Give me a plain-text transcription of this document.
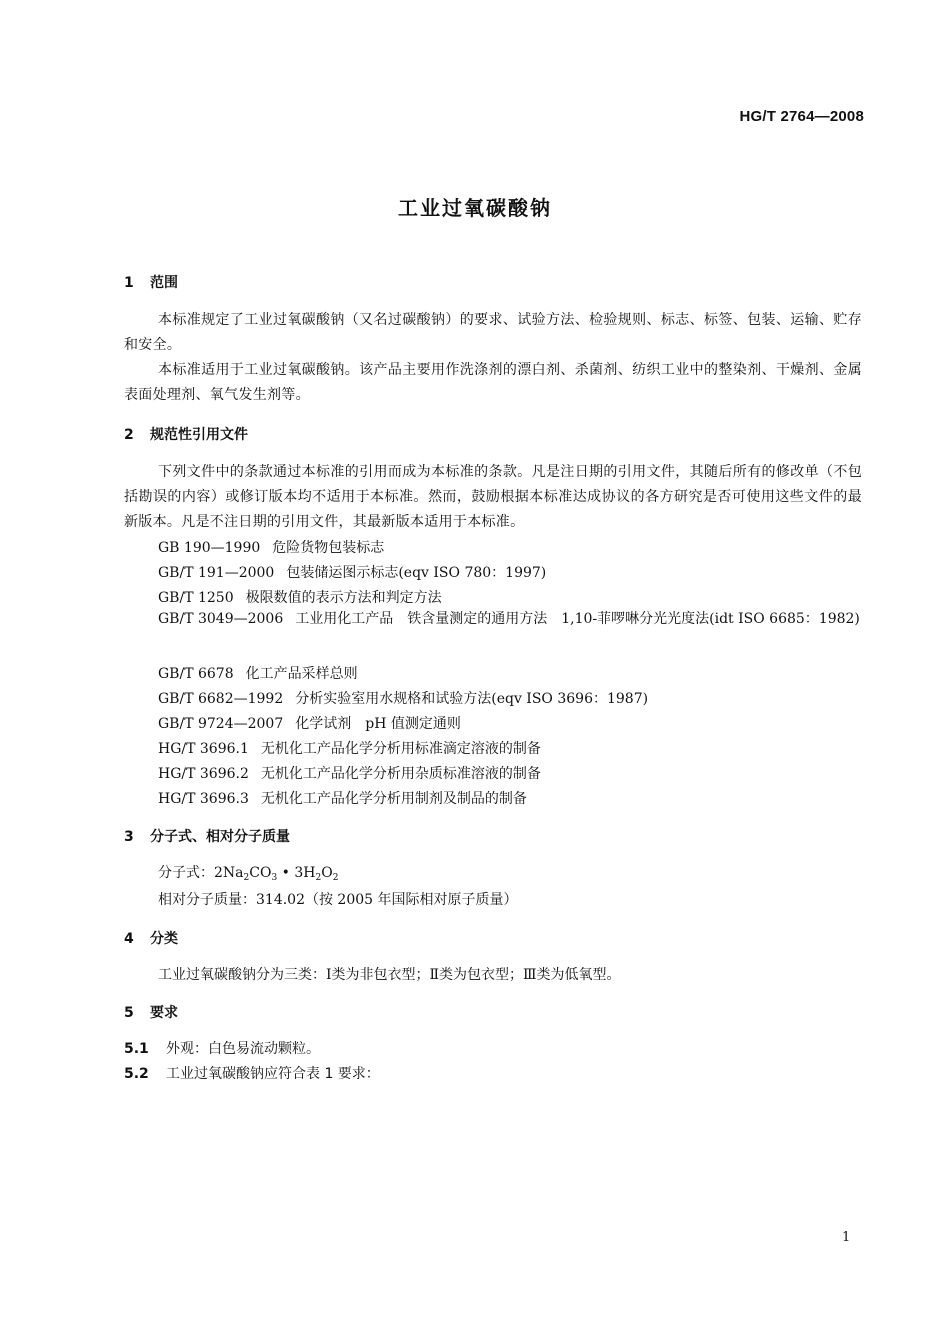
HG/T 2764—2008
工业过氧碳酸钠
1 范围
本标准规定了工业过氧碳酸钠（又名过碳酸钠）的要求、试验方法、检验规则、标志、标签、包装、运输、贮存和安全。
本标准适用于工业过氧碳酸钠。该产品主要用作洗涤剂的漂白剂、杀菌剂、纺织工业中的整染剂、干燥剂、金属表面处理剂、氧气发生剂等。
2 规范性引用文件
下列文件中的条款通过本标准的引用而成为本标准的条款。凡是注日期的引用文件，其随后所有的修改单（不包括勘误的内容）或修订版本均不适用于本标准。然而，鼓励根据本标准达成协议的各方研究是否可使用这些文件的最新版本。凡是不注日期的引用文件，其最新版本适用于本标准。
GB 190—1990 危险货物包装标志
GB/T 191—2000 包装储运图示标志(eqv ISO 780：1997)
GB/T 1250 极限数值的表示方法和判定方法
GB/T 3049—2006 工业用化工产品　铁含量测定的通用方法　1,10-菲啰啉分光光度法(idt ISO 6685：1982)
GB/T 6678 化工产品采样总则
GB/T 6682—1992 分析实验室用水规格和试验方法(eqv ISO 3696：1987)
GB/T 9724—2007 化学试剂　pH 值测定通则
HG/T 3696.1 无机化工产品化学分析用标准滴定溶液的制备
HG/T 3696.2 无机化工产品化学分析用杂质标准溶液的制备
HG/T 3696.3 无机化工产品化学分析用制剂及制品的制备
3 分子式、相对分子质量
分子式：$2Na_2CO_3$ • $3H_2O_2$
相对分子质量：314.02（按 2005 年国际相对原子质量）
4 分类
工业过氧碳酸钠分为三类：Ⅰ类为非包衣型；Ⅱ类为包衣型；Ⅲ类为低氧型。
5 要求
5.1 外观：白色易流动颗粒。
5.2 工业过氧碳酸钠应符合表 1 要求：
1
